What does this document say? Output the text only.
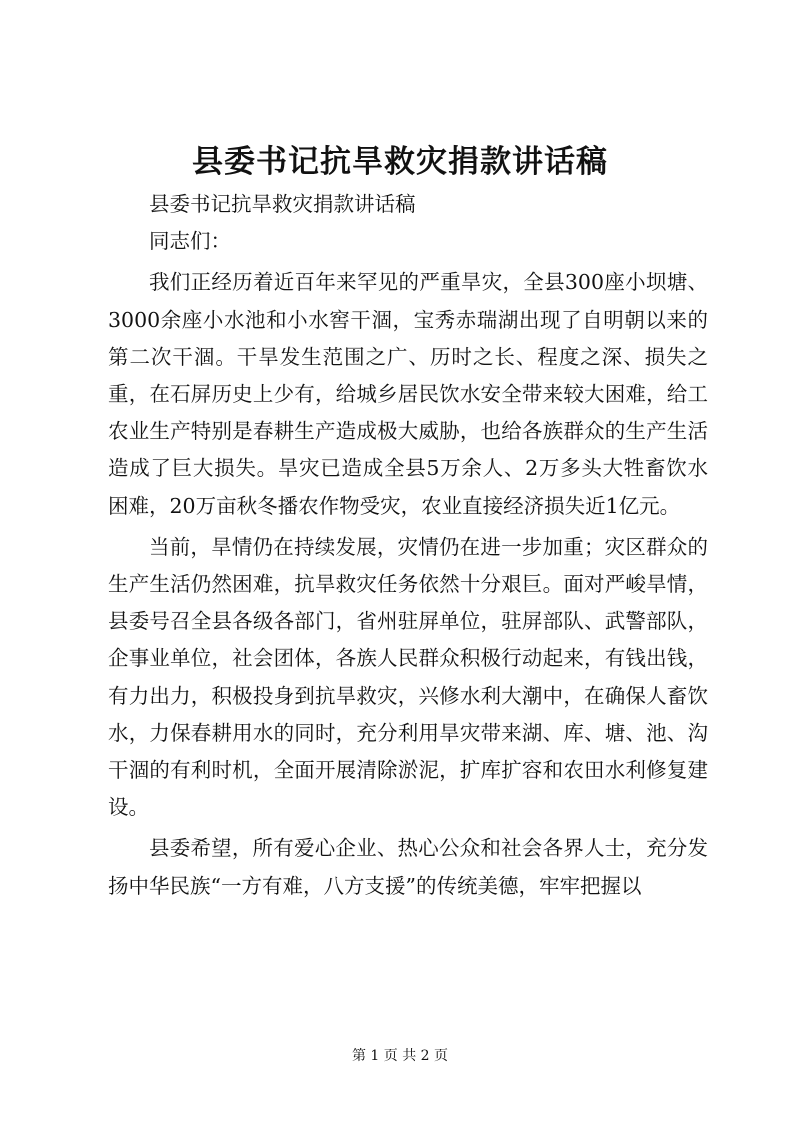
县委书记抗旱救灾捐款讲话稿

县委书记抗旱救灾捐款讲话稿

同志们：

我们正经历着近百年来罕见的严重旱灾，全县300座小坝塘、3000余座小水池和小水窖干涸，宝秀赤瑞湖出现了自明朝以来的第二次干涸。干旱发生范围之广、历时之长、程度之深、损失之重，在石屏历史上少有，给城乡居民饮水安全带来较大困难，给工农业生产特别是春耕生产造成极大威胁，也给各族群众的生产生活造成了巨大损失。旱灾已造成全县5万余人、2万多头大牲畜饮水困难，20万亩秋冬播农作物受灾，农业直接经济损失近1亿元。

当前，旱情仍在持续发展，灾情仍在进一步加重；灾区群众的生产生活仍然困难，抗旱救灾任务依然十分艰巨。面对严峻旱情，县委号召全县各级各部门，省州驻屏单位，驻屏部队、武警部队，企事业单位，社会团体，各族人民群众积极行动起来，有钱出钱，有力出力，积极投身到抗旱救灾，兴修水利大潮中，在确保人畜饮水，力保春耕用水的同时，充分利用旱灾带来湖、库、塘、池、沟干涸的有利时机，全面开展清除淤泥，扩库扩容和农田水利修复建设。

县委希望，所有爱心企业、热心公众和社会各界人士，充分发扬中华民族“一方有难，八方支援”的传统美德，牢牢把握以

第 1 页 共 2 页
